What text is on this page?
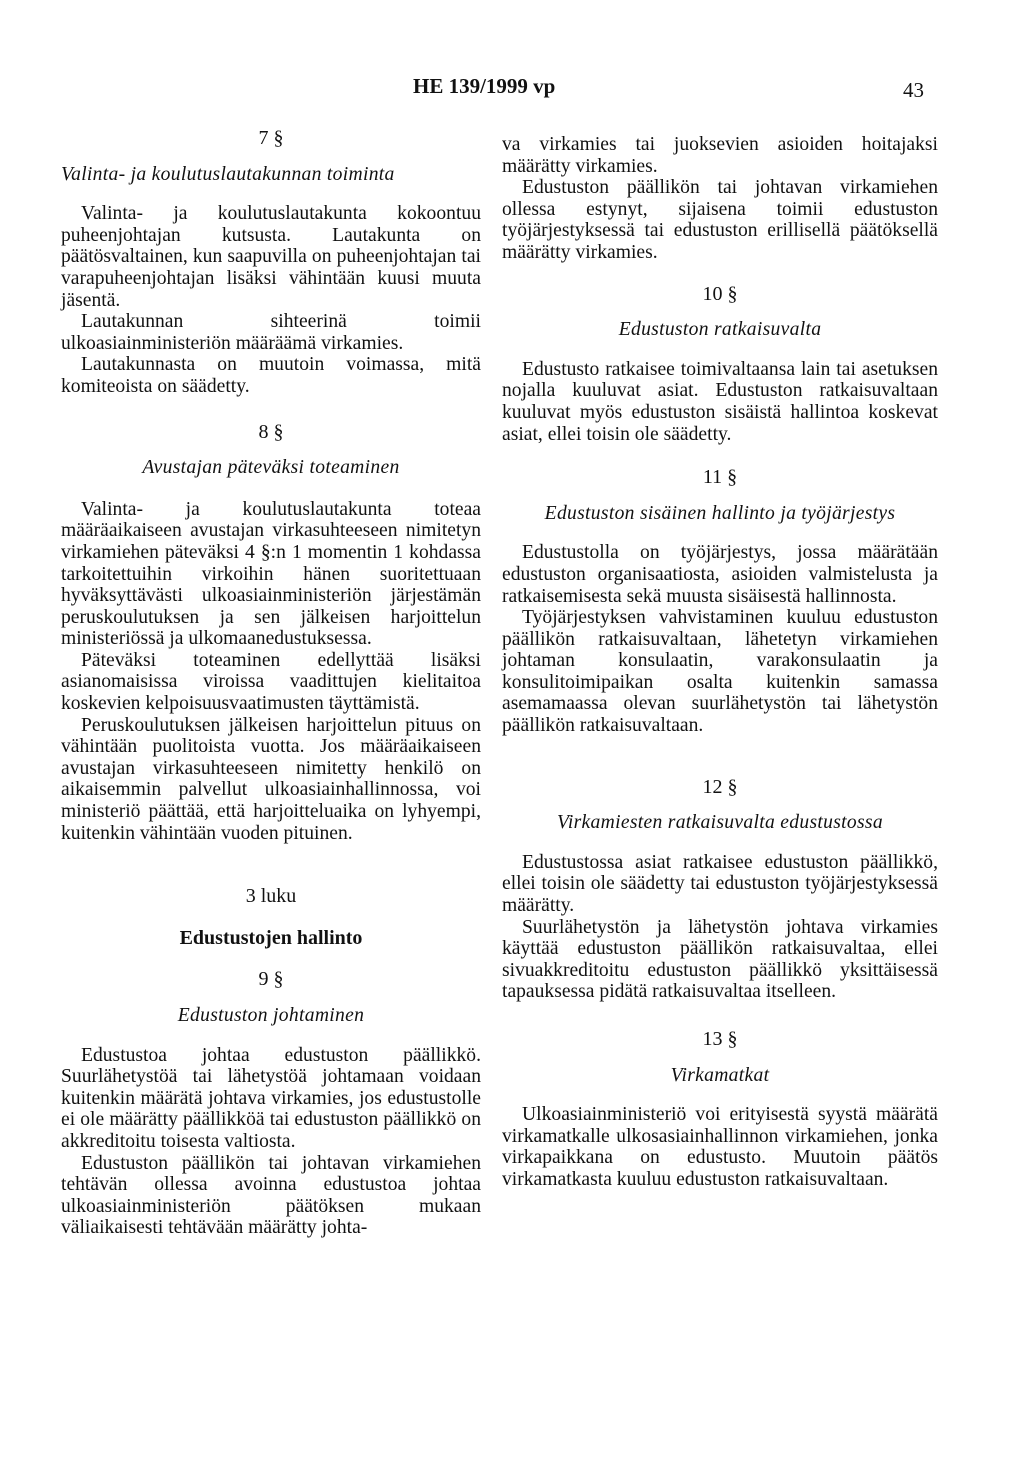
HE 139/1999 vp	43

7 §

Valinta- ja koulutuslautakunnan toiminta

Valinta- ja koulutuslautakunta kokoontuu puheenjohtajan kutsusta. Lautakunta on päätösvaltainen, kun saapuvilla on puheenjohtajan tai varapuheenjohtajan lisäksi vähintään kuusi muuta jäsentä.

Lautakunnan sihteerinä toimii ulkoasiainministeriön määräämä virkamies.

Lautakunnasta on muutoin voimassa, mitä komiteoista on säädetty.

8 §

Avustajan päteväksi toteaminen

Valinta- ja koulutuslautakunta toteaa määräaikaiseen avustajan virkasuhteeseen nimitetyn virkamiehen päteväksi 4 §:n 1 momentin 1 kohdassa tarkoitettuihin virkoihin hänen suoritettuaan hyväksyttävästi ulkoasiainministeriön järjestämän peruskoulutuksen ja sen jälkeisen harjoittelun ministeriössä ja ulkomaanedustuksessa.

Päteväksi toteaminen edellyttää lisäksi asianomaisissa viroissa vaadittujen kielitaitoa koskevien kelpoisuusvaatimusten täyttämistä.

Peruskoulutuksen jälkeisen harjoittelun pituus on vähintään puolitoista vuotta. Jos määräaikaiseen avustajan virkasuhteeseen nimitetty henkilö on aikaisemmin palvellut ulkoasiainhallinnossa, voi ministeriö päättää, että harjoitteluaika on lyhyempi, kuitenkin vähintään vuoden pituinen.

3 luku

Edustustojen hallinto

9 §

Edustuston johtaminen

Edustustoa johtaa edustuston päällikkö. Suurlähetystöä tai lähetystöä johtamaan voidaan kuitenkin määrätä johtava virkamies, jos edustustolle ei ole määrätty päällikköä tai edustuston päällikkö on akkreditoitu toisesta valtiosta.

Edustuston päällikön tai johtavan virkamiehen tehtävän ollessa avoinna edustustoa johtaa ulkoasiainministeriön päätöksen mukaan väliaikaisesti tehtävään määrätty johta-

va virkamies tai juoksevien asioiden hoitajaksi määrätty virkamies.

Edustuston päällikön tai johtavan virkamiehen ollessa estynyt, sijaisena toimii edustuston työjärjestyksessä tai edustuston erillisellä päätöksellä määrätty virkamies.

10 §

Edustuston ratkaisuvalta

Edustusto ratkaisee toimivaltaansa lain tai asetuksen nojalla kuuluvat asiat. Edustuston ratkaisuvaltaan kuuluvat myös edustuston sisäistä hallintoa koskevat asiat, ellei toisin ole säädetty.

11 §

Edustuston sisäinen hallinto ja työjärjestys

Edustustolla on työjärjestys, jossa määrätään edustuston organisaatiosta, asioiden valmistelusta ja ratkaisemisesta sekä muusta sisäisestä hallinnosta.

Työjärjestyksen vahvistaminen kuuluu edustuston päällikön ratkaisuvaltaan, lähetetyn virkamiehen johtaman konsulaatin, varakonsulaatin ja konsulitoimipaikan osalta kuitenkin samassa asemamaassa olevan suurlähetystön tai lähetystön päällikön ratkaisuvaltaan.

12 §

Virkamiesten ratkaisuvalta edustustossa

Edustustossa asiat ratkaisee edustuston päällikkö, ellei toisin ole säädetty tai edustuston työjärjestyksessä määrätty.

Suurlähetystön ja lähetystön johtava virkamies käyttää edustuston päällikön ratkaisuvaltaa, ellei sivuakkreditoitu edustuston päällikkö yksittäisessä tapauksessa pidätä ratkaisuvaltaa itselleen.

13 §

Virkamatkat

Ulkoasiainministeriö voi erityisestä syystä määrätä virkamatkalle ulkosasiainhallinnon virkamiehen, jonka virkapaikkana on edustusto. Muutoin päätös virkamatkasta kuuluu edustuston ratkaisuvaltaan.
